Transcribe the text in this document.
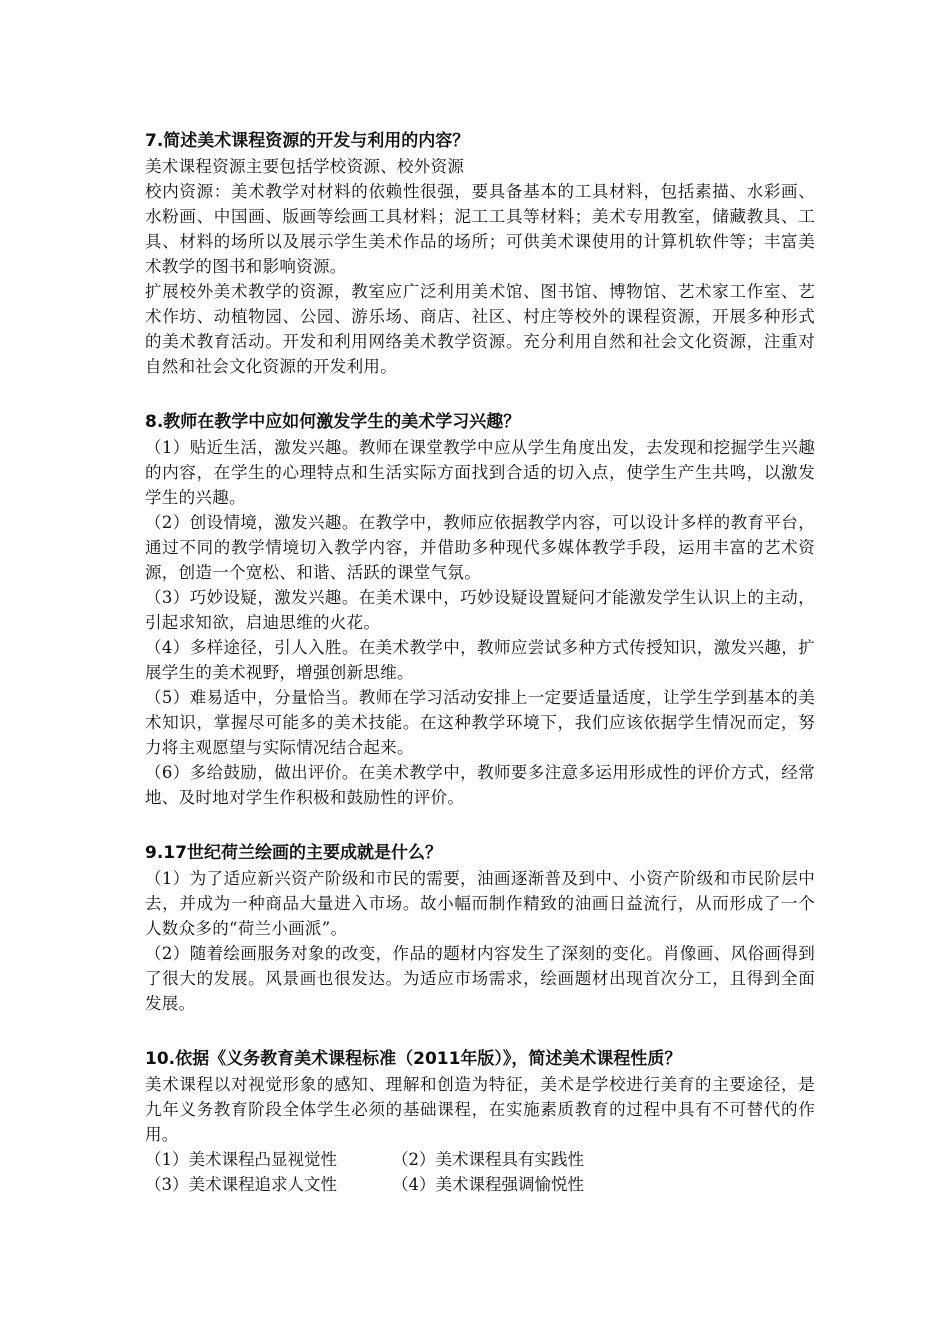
7.简述美术课程资源的开发与利用的内容？

美术课程资源主要包括学校资源、校外资源

校内资源：美术教学对材料的依赖性很强，要具备基本的工具材料，包括素描、水彩画、水粉画、中国画、版画等绘画工具材料；泥工工具等材料；美术专用教室，储藏教具、工具、材料的场所以及展示学生美术作品的场所；可供美术课使用的计算机软件等；丰富美术教学的图书和影响资源。

扩展校外美术教学的资源，教室应广泛利用美术馆、图书馆、博物馆、艺术家工作室、艺术作坊、动植物园、公园、游乐场、商店、社区、村庄等校外的课程资源，开展多种形式的美术教育活动。开发和利用网络美术教学资源。充分利用自然和社会文化资源，注重对自然和社会文化资源的开发利用。

8.教师在教学中应如何激发学生的美术学习兴趣？

（1）贴近生活，激发兴趣。教师在课堂教学中应从学生角度出发，去发现和挖掘学生兴趣的内容，在学生的心理特点和生活实际方面找到合适的切入点，使学生产生共鸣，以激发学生的兴趣。

（2）创设情境，激发兴趣。在教学中，教师应依据教学内容，可以设计多样的教育平台，通过不同的教学情境切入教学内容，并借助多种现代多媒体教学手段，运用丰富的艺术资源，创造一个宽松、和谐、活跃的课堂气氛。

（3）巧妙设疑，激发兴趣。在美术课中，巧妙设疑设置疑问才能激发学生认识上的主动，引起求知欲，启迪思维的火花。

（4）多样途径，引人入胜。在美术教学中，教师应尝试多种方式传授知识，激发兴趣，扩展学生的美术视野，增强创新思维。

（5）难易适中，分量恰当。教师在学习活动安排上一定要适量适度，让学生学到基本的美术知识，掌握尽可能多的美术技能。在这种教学环境下，我们应该依据学生情况而定，努力将主观愿望与实际情况结合起来。

（6）多给鼓励，做出评价。在美术教学中，教师要多注意多运用形成性的评价方式，经常地、及时地对学生作积极和鼓励性的评价。

9.17世纪荷兰绘画的主要成就是什么？

（1）为了适应新兴资产阶级和市民的需要，油画逐渐普及到中、小资产阶级和市民阶层中去，并成为一种商品大量进入市场。故小幅而制作精致的油画日益流行，从而形成了一个人数众多的“荷兰小画派”。

（2）随着绘画服务对象的改变，作品的题材内容发生了深刻的变化。肖像画、风俗画得到了很大的发展。风景画也很发达。为适应市场需求，绘画题材出现首次分工，且得到全面发展。

10.依据《义务教育美术课程标准（2011年版）》，简述美术课程性质？

美术课程以对视觉形象的感知、理解和创造为特征，美术是学校进行美育的主要途径，是九年义务教育阶段全体学生必须的基础课程，在实施素质教育的过程中具有不可替代的作用。

（1）美术课程凸显视觉性	（2）美术课程具有实践性
（3）美术课程追求人文性	（4）美术课程强调愉悦性
